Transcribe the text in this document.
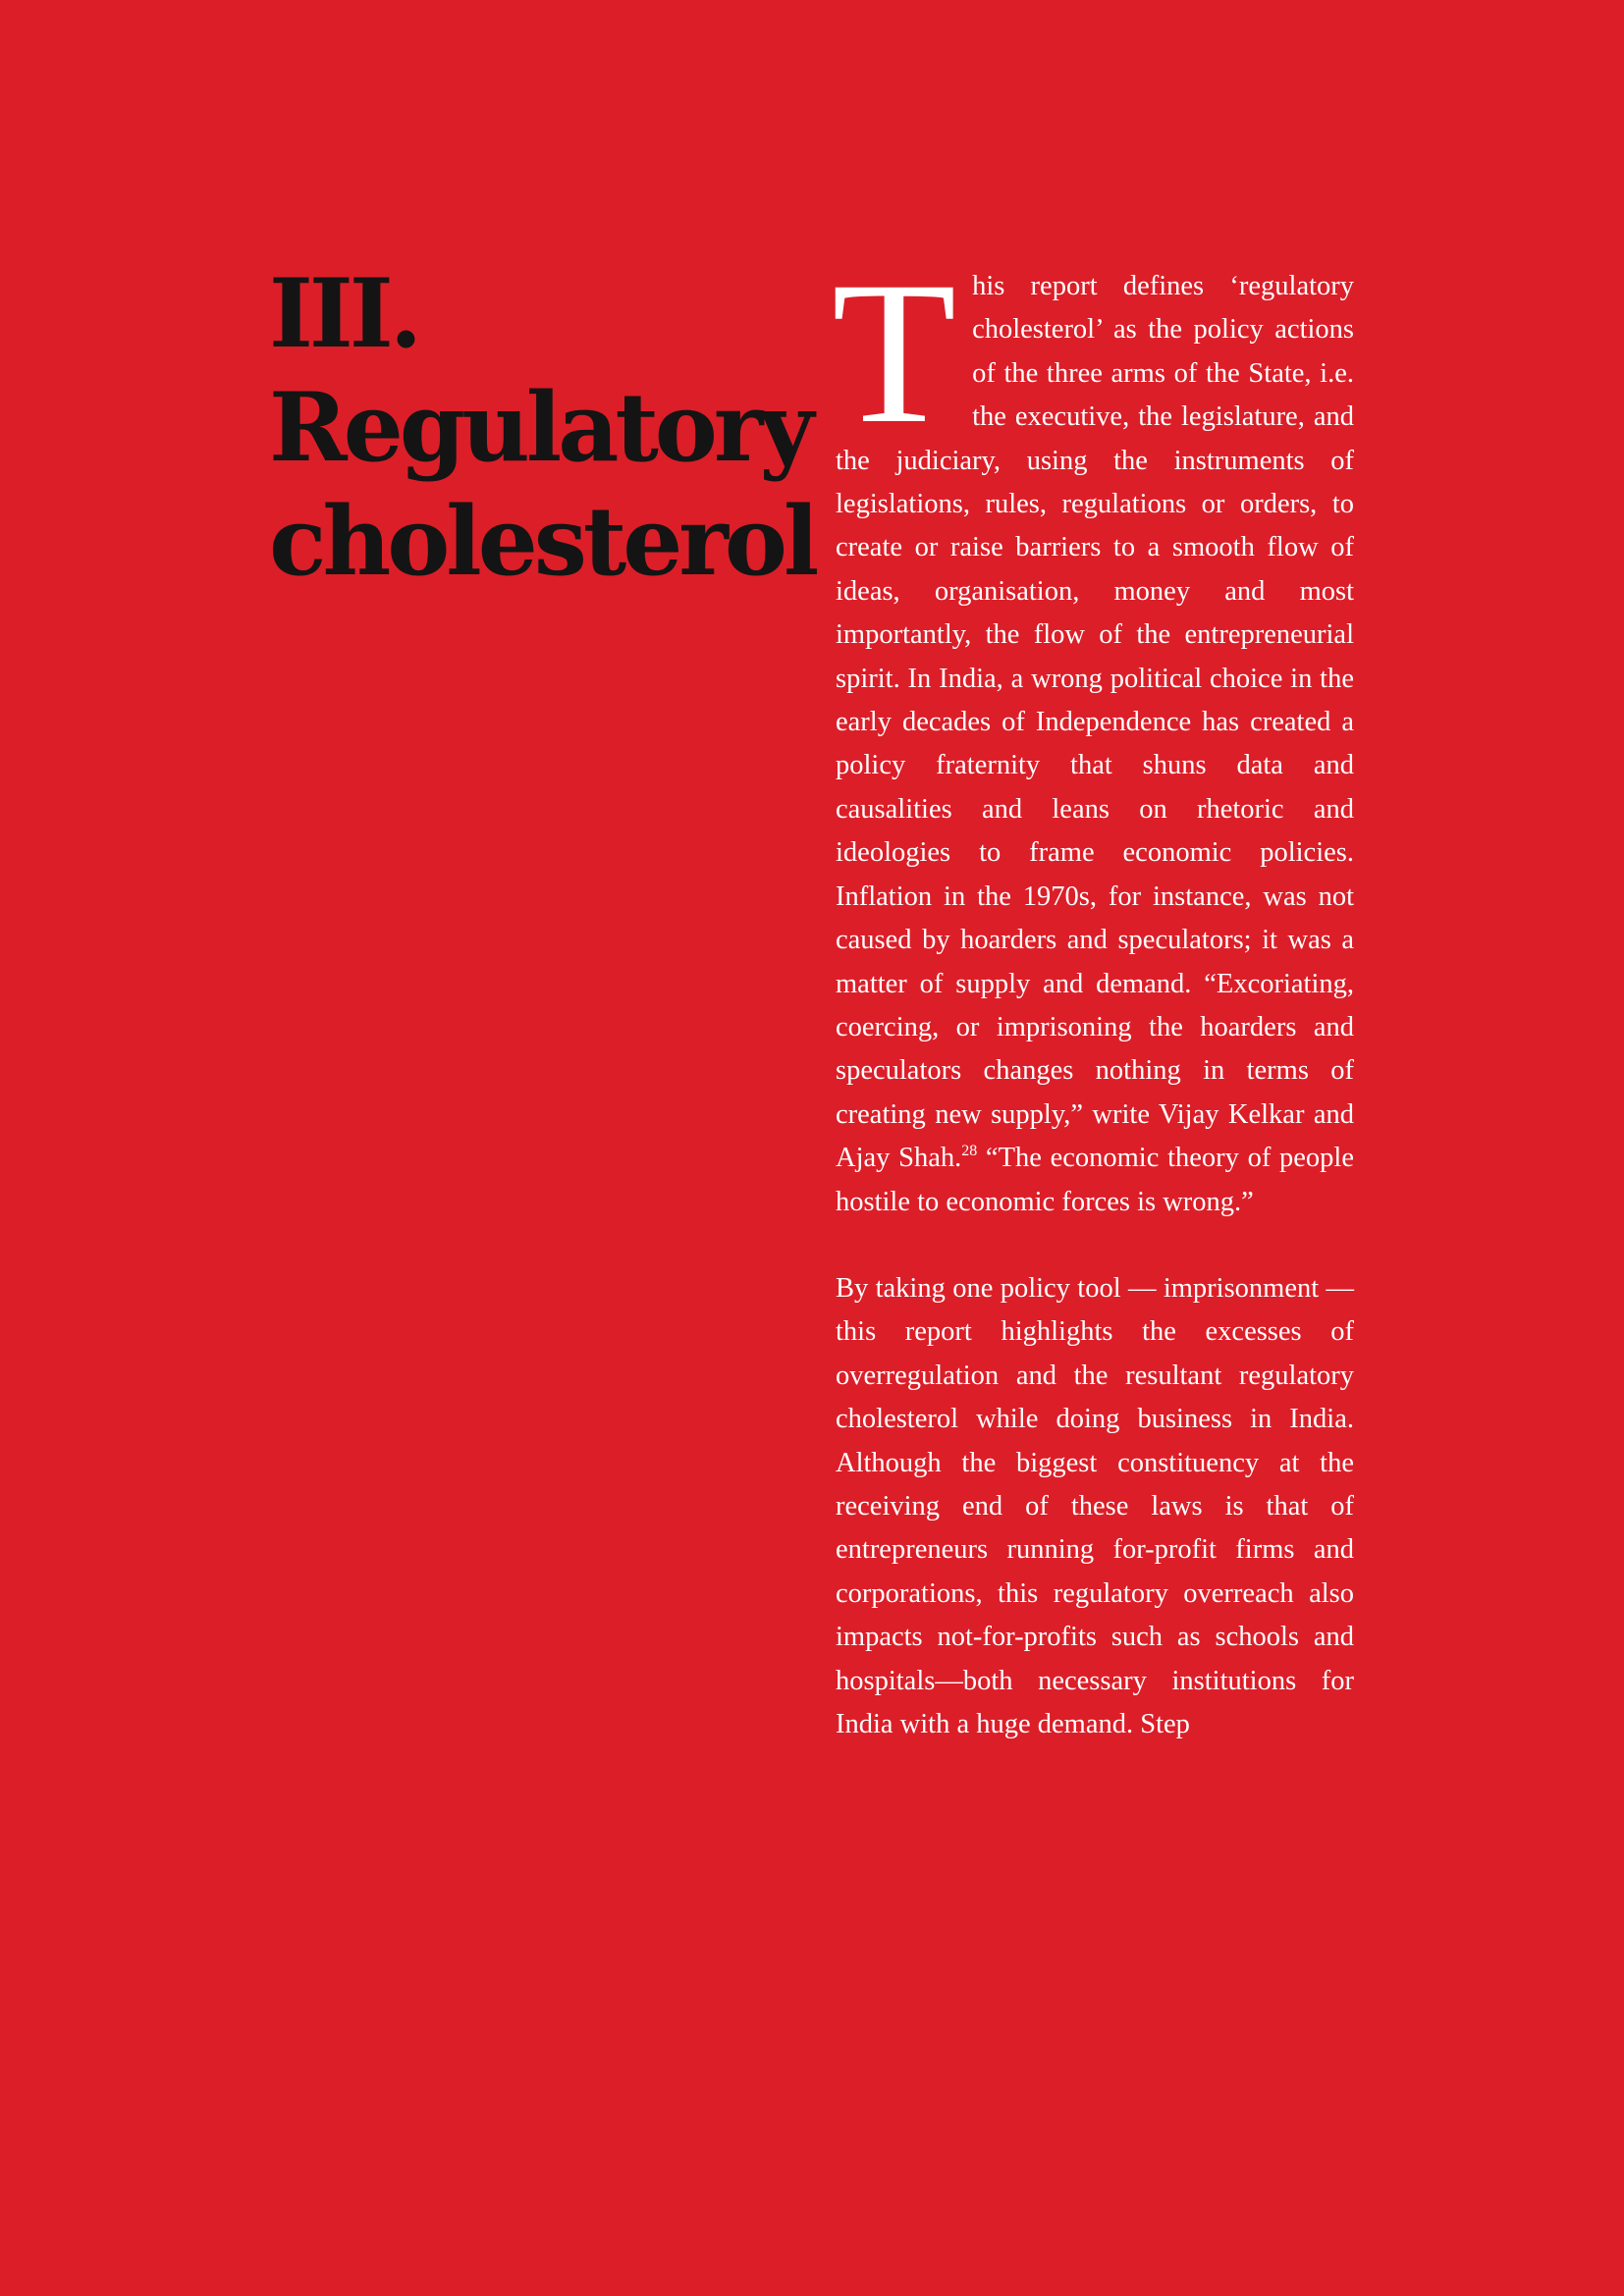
III.
Regulatory
cholesterol

This report defines ‘regulatory cholesterol’ as the policy actions of the three arms of the State, i.e. the executive, the legislature, and the judiciary, using the instruments of legislations, rules, regulations or orders, to create or raise barriers to a smooth flow of ideas, organisation, money and most importantly, the flow of the entrepreneurial spirit. In India, a wrong political choice in the early decades of Independence has created a policy fraternity that shuns data and causalities and leans on rhetoric and ideologies to frame economic policies. Inflation in the 1970s, for instance, was not caused by hoarders and speculators; it was a matter of supply and demand. “Excoriating, coercing, or imprisoning the hoarders and speculators changes nothing in terms of creating new supply,” write Vijay Kelkar and Ajay Shah.$^{28}$ “The economic theory of people hostile to economic forces is wrong.”

By taking one policy tool — imprisonment — this report highlights the excesses of overregulation and the resultant regulatory cholesterol while doing business in India. Although the biggest constituency at the receiving end of these laws is that of entrepreneurs running for-profit firms and corporations, this regulatory overreach also impacts not-for-profits such as schools and hospitals—both necessary institutions for India with a huge demand. Step
